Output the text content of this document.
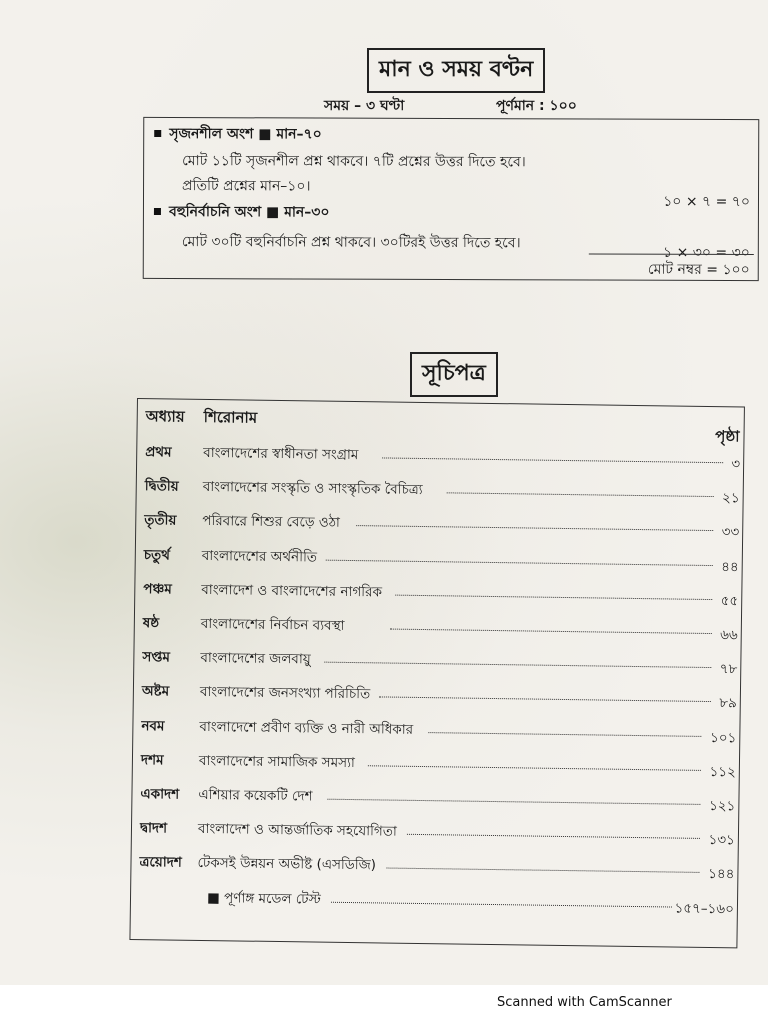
মান ও সময় বণ্টন
সময় – ৩ ঘণ্টা	পূর্ণমান : ১০০
সৃজনশীল অংশ ■ মান–৭০
মোট ১১টি সৃজনশীল প্রশ্ন থাকবে। ৭টি প্রশ্নের উত্তর দিতে হবে।
প্রতিটি প্রশ্নের মান–১০।
১০ × ৭ = ৭০
বহুনির্বাচনি অংশ ■ মান–৩০
মোট ৩০টি বহুনির্বাচনি প্রশ্ন থাকবে। ৩০টিরই উত্তর দিতে হবে।
১ × ৩০ = ৩০
মোট নম্বর = ১০০
সূচিপত্র
অধ্যায় শিরোনাম
পৃষ্ঠা
প্রথম বাংলাদেশের স্বাধীনতা সংগ্রাম
৩
দ্বিতীয় বাংলাদেশের সংস্কৃতি ও সাংস্কৃতিক বৈচিত্র্য
২১
তৃতীয় পরিবারে শিশুর বেড়ে ওঠা
৩৩
চতুর্থ বাংলাদেশের অর্থনীতি
৪৪
পঞ্চম বাংলাদেশ ও বাংলাদেশের নাগরিক
৫৫
ষষ্ঠ	বাংলাদেশের নির্বাচন ব্যবস্থা
৬৬
সপ্তম বাংলাদেশের জলবায়ু
৭৮
অষ্টম বাংলাদেশের জনসংখ্যা পরিচিতি
৮৯
নবম	বাংলাদেশে প্রবীণ ব্যক্তি ও নারী অধিকার
১০১
দশম	বাংলাদেশের সামাজিক সমস্যা
১১২
একাদশ এশিয়ার কয়েকটি দেশ
১২১
দ্বাদশ বাংলাদেশ ও আন্তর্জাতিক সহযোগিতা
১৩১
ত্রয়োদশ টেকসই উন্নয়ন অভীষ্ট (এসডিজি)
১৪৪
■ পূর্ণাঙ্গ মডেল টেস্ট
১৫৭–১৬০
Scanned with CamScanner
